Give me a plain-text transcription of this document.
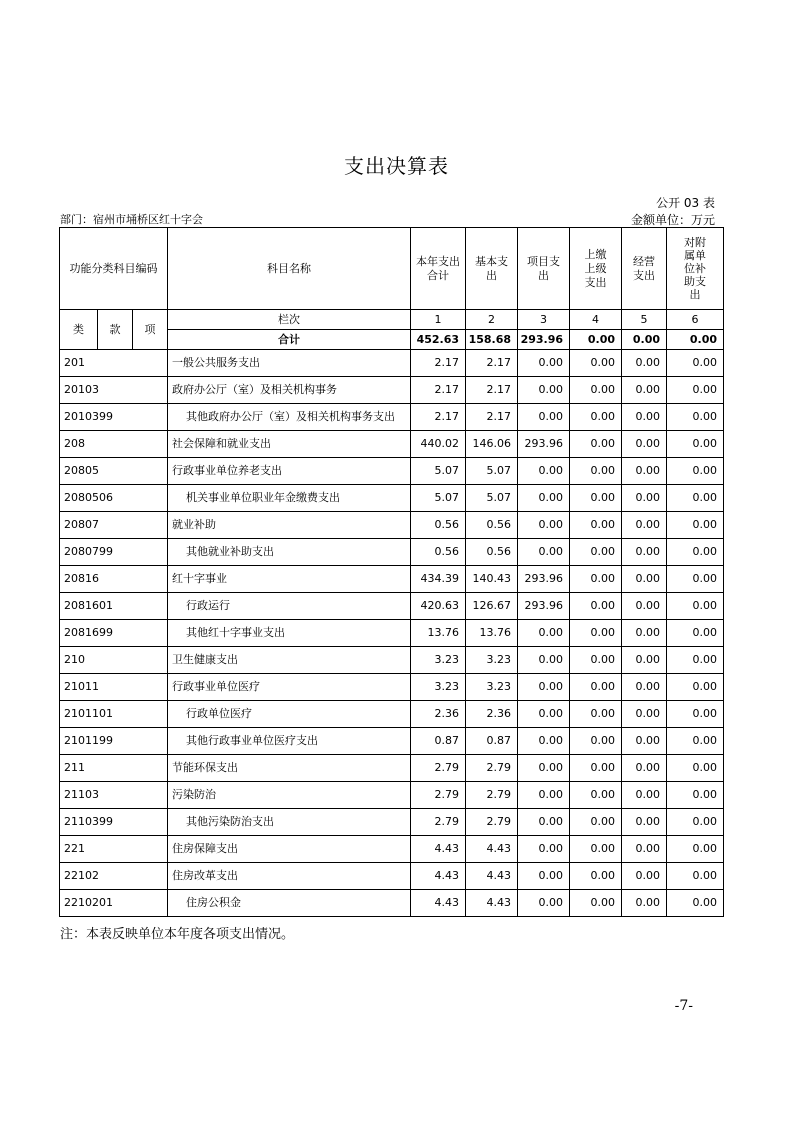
支出决算表
公开 03 表
部门：宿州市埇桥区红十字会	金额单位：万元
功能分类科目编码			科目名称	本年支出合计	基本支出	项目支出	上缴上级支出	经营支出	对附属单位补助支出
类	款	项	栏次	1	2	3	4	5	6
			合计	452.63	158.68	293.96	0.00	0.00	0.00
201			一般公共服务支出	2.17	2.17	0.00	0.00	0.00	0.00
20103			政府办公厅（室）及相关机构事务	2.17	2.17	0.00	0.00	0.00	0.00
2010399			其他政府办公厅（室）及相关机构事务支出	2.17	2.17	0.00	0.00	0.00	0.00
208			社会保障和就业支出	440.02	146.06	293.96	0.00	0.00	0.00
20805			行政事业单位养老支出	5.07	5.07	0.00	0.00	0.00	0.00
2080506			机关事业单位职业年金缴费支出	5.07	5.07	0.00	0.00	0.00	0.00
20807			就业补助	0.56	0.56	0.00	0.00	0.00	0.00
2080799			其他就业补助支出	0.56	0.56	0.00	0.00	0.00	0.00
20816			红十字事业	434.39	140.43	293.96	0.00	0.00	0.00
2081601			行政运行	420.63	126.67	293.96	0.00	0.00	0.00
2081699			其他红十字事业支出	13.76	13.76	0.00	0.00	0.00	0.00
210			卫生健康支出	3.23	3.23	0.00	0.00	0.00	0.00
21011			行政事业单位医疗	3.23	3.23	0.00	0.00	0.00	0.00
2101101			行政单位医疗	2.36	2.36	0.00	0.00	0.00	0.00
2101199			其他行政事业单位医疗支出	0.87	0.87	0.00	0.00	0.00	0.00
211			节能环保支出	2.79	2.79	0.00	0.00	0.00	0.00
21103			污染防治	2.79	2.79	0.00	0.00	0.00	0.00
2110399			其他污染防治支出	2.79	2.79	0.00	0.00	0.00	0.00
221			住房保障支出	4.43	4.43	0.00	0.00	0.00	0.00
22102			住房改革支出	4.43	4.43	0.00	0.00	0.00	0.00
2210201			住房公积金	4.43	4.43	0.00	0.00	0.00	0.00
注：本表反映单位本年度各项支出情况。
-7-
